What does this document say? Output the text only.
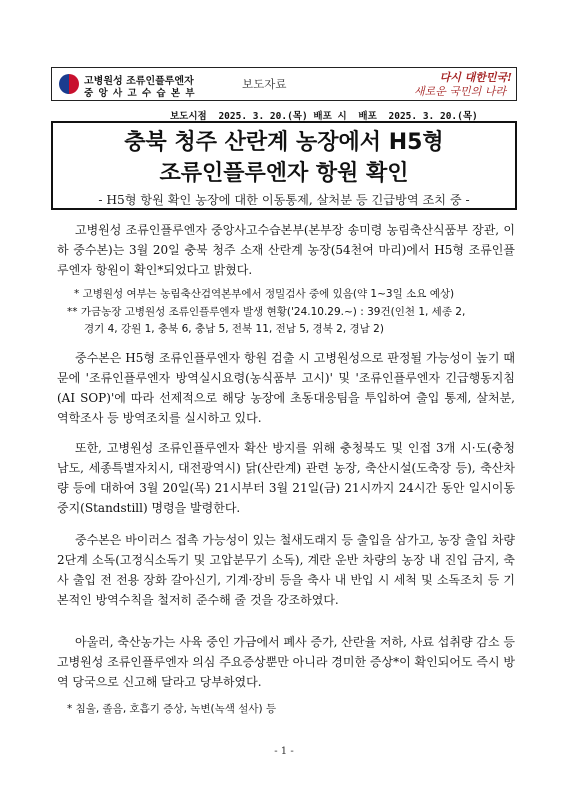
고병원성 조류인플루엔자
중 앙 사 고 수 습 본 부
보도자료	다시 대한민국!
새로운 국민의 나라
보도시점 2025. 3. 20.(목) 배포 시 배포 2025. 3. 20.(목)
충북 청주 산란계 농장에서 H5형
조류인플루엔자 항원 확인
- H5형 항원 확인 농장에 대한 이동통제, 살처분 등 긴급방역 조치 중 -
고병원성 조류인플루엔자 중앙사고수습본부(본부장 송미령 농림축산식품부 장관, 이하 중수본)는 3월 20일 충북 청주 소재 산란계 농장(54천여 마리)에서 H5형 조류인플루엔자 항원이 확인*되었다고 밝혔다.
* 고병원성 여부는 농림축산검역본부에서 정밀검사 중에 있음(약 1~3일 소요 예상)
** 가금농장 고병원성 조류인플루엔자 발생 현황('24.10.29.~) : 39건(인천 1, 세종 2,
경기 4, 강원 1, 충북 6, 충남 5, 전북 11, 전남 5, 경북 2, 경남 2)
중수본은 H5형 조류인플루엔자 항원 검출 시 고병원성으로 판정될 가능성이 높기 때문에 '조류인플루엔자 방역실시요령(농식품부 고시)' 및 '조류인플루엔자 긴급행동지침(AI SOP)'에 따라 선제적으로 해당 농장에 초동대응팀을 투입하여 출입 통제, 살처분, 역학조사 등 방역조치를 실시하고 있다.
또한, 고병원성 조류인플루엔자 확산 방지를 위해 충청북도 및 인접 3개 시·도(충청남도, 세종특별자치시, 대전광역시) 닭(산란계) 관련 농장, 축산시설(도축장 등), 축산차량 등에 대하여 3월 20일(목) 21시부터 3월 21일(금) 21시까지 24시간 동안 일시이동중지(Standstill) 명령을 발령한다.
중수본은 바이러스 접촉 가능성이 있는 철새도래지 등 출입을 삼가고, 농장 출입 차량 2단계 소독(고정식소독기 및 고압분무기 소독), 계란 운반 차량의 농장 내 진입 금지, 축사 출입 전 전용 장화 갈아신기, 기계·장비 등을 축사 내 반입 시 세척 및 소독조치 등 기본적인 방역수칙을 철저히 준수해 줄 것을 강조하였다.
아울러, 축산농가는 사육 중인 가금에서 폐사 증가, 산란율 저하, 사료 섭취량 감소 등 고병원성 조류인플루엔자 의심 주요증상뿐만 아니라 경미한 증상*이 확인되어도 즉시 방역 당국으로 신고해 달라고 당부하였다.
* 침울, 졸음, 호흡기 증상, 녹변(녹색 설사) 등
- 1 -
